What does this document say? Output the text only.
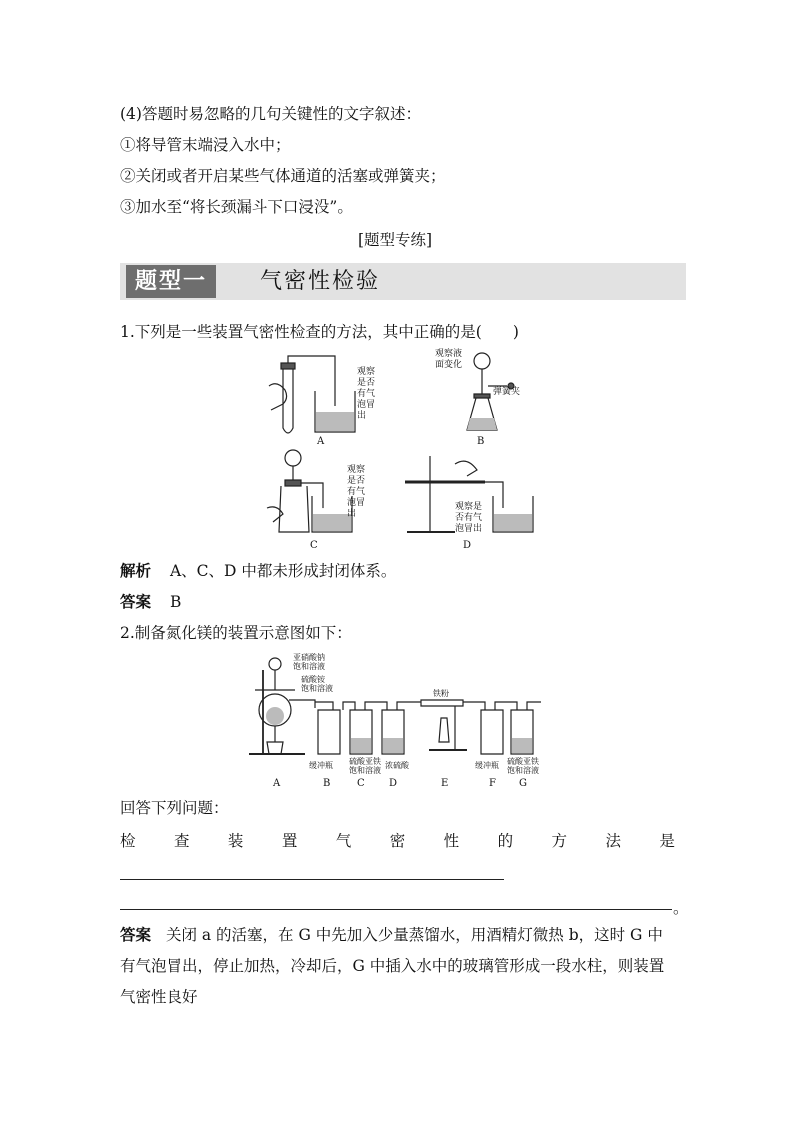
(4)答题时易忽略的几句关键性的文字叙述：
①将导管末端浸入水中；
②关闭或者开启某些气体通道的活塞或弹簧夹；
③加水至“将长颈漏斗下口浸没”。
[题型专练]
题型一	气密性检验
1.下列是一些装置气密性检查的方法，其中正确的是(　　)
观察
是否
有气
泡冒
出
观察液
面变化
弹簧夹
观察
是否
有气
泡冒
出
观察是
否有气
泡冒出
A	B
C	D
解析 A、C、D 中都未形成封闭体系。
答案 B
2.制备氮化镁的装置示意图如下：
亚硝酸钠
饱和溶液
硫酸铵
饱和溶液
铁粉
缓冲瓶 硫酸亚铁
饱和溶液
浓硫酸	缓冲瓶 硫酸亚铁
饱和溶液
A	B	C D	E	F G
回答下列问题：
检 查 装 置 气 密 性 的 方 法 是
。
答案 关闭 a 的活塞，在 G 中先加入少量蒸馏水，用酒精灯微热 b，这时 G 中
有气泡冒出，停止加热，冷却后，G 中插入水中的玻璃管形成一段水柱，则装置
气密性良好
